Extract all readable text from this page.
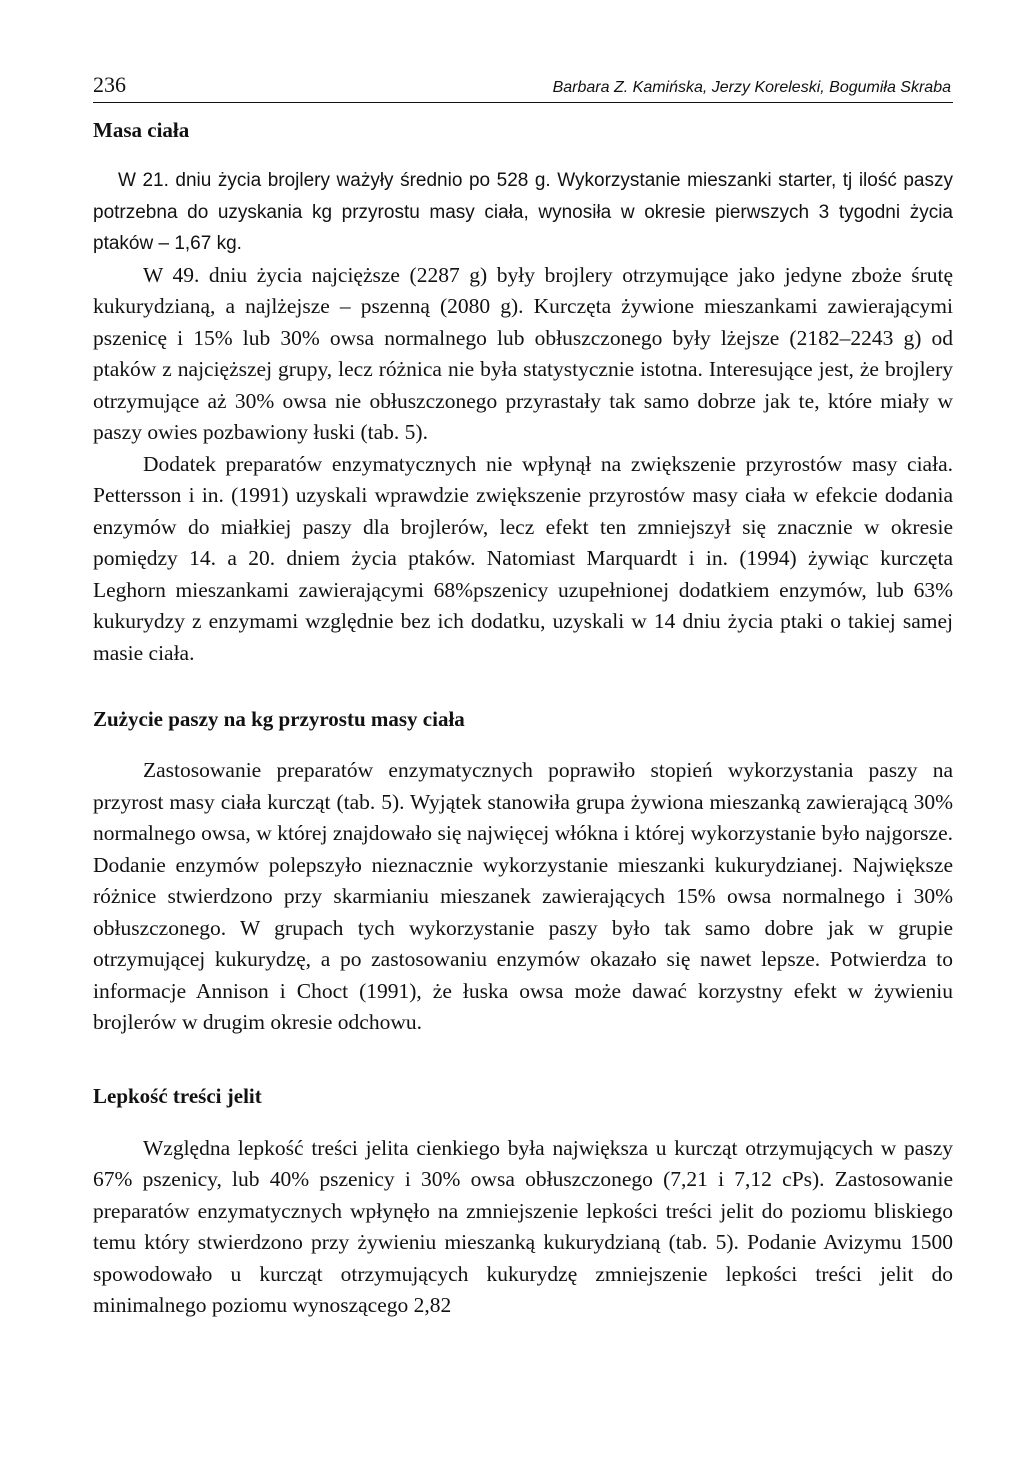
236	Barbara Z. Kamińska, Jerzy Koreleski, Bogumiła Skraba
Masa ciała

W 21. dniu życia brojlery ważyły średnio po 528 g. Wykorzystanie mieszanki starter, tj ilość paszy potrzebna do uzyskania kg przyrostu masy ciała, wynosiła w okresie pierwszych 3 tygodni życia ptaków – 1,67 kg.

W 49. dniu życia najcięższe (2287 g) były brojlery otrzymujące jako jedyne zboże śrutę kukurydzianą, a najlżejsze – pszenną (2080 g). Kurczęta żywione mieszankami zawierającymi pszenicę i 15% lub 30% owsa normalnego lub obłuszczonego były lżejsze (2182–2243 g) od ptaków z najcięższej grupy, lecz różnica nie była statystycznie istotna. Interesujące jest, że brojlery otrzymujące aż 30% owsa nie obłuszczonego przyrastały tak samo dobrze jak te, które miały w paszy owies pozbawiony łuski (tab. 5).

Dodatek preparatów enzymatycznych nie wpłynął na zwiększenie przyrostów masy ciała. Pettersson i in. (1991) uzyskali wprawdzie zwiększenie przyrostów masy ciała w efekcie dodania enzymów do miałkiej paszy dla brojlerów, lecz efekt ten zmniejszył się znacznie w okresie pomiędzy 14. a 20. dniem życia ptaków. Natomiast Marquardt i in. (1994) żywiąc kurczęta Leghorn mieszankami zawierającymi 68%pszenicy uzupełnionej dodatkiem enzymów, lub 63% kukurydzy z enzymami względnie bez ich dodatku, uzyskali w 14 dniu życia ptaki o takiej samej masie ciała.

Zużycie paszy na kg przyrostu masy ciała

Zastosowanie preparatów enzymatycznych poprawiło stopień wykorzystania paszy na przyrost masy ciała kurcząt (tab. 5). Wyjątek stanowiła grupa żywiona mieszanką zawierającą 30% normalnego owsa, w której znajdowało się najwięcej włókna i której wykorzystanie było najgorsze. Dodanie enzymów polepszyło nieznacznie wykorzystanie mieszanki kukurydzianej. Największe różnice stwierdzono przy skarmianiu mieszanek zawierających 15% owsa normalnego i 30% obłuszczonego. W grupach tych wykorzystanie paszy było tak samo dobre jak w grupie otrzymującej kukurydzę, a po zastosowaniu enzymów okazało się nawet lepsze. Potwierdza to informacje Annison i Choct (1991), że łuska owsa może dawać korzystny efekt w żywieniu brojlerów w drugim okresie odchowu.

Lepkość treści jelit

Względna lepkość treści jelita cienkiego była największa u kurcząt otrzymujących w paszy 67% pszenicy, lub 40% pszenicy i 30% owsa obłuszczonego (7,21 i 7,12 cPs). Zastosowanie preparatów enzymatycznych wpłynęło na zmniejszenie lepkości treści jelit do poziomu bliskiego temu który stwierdzono przy żywieniu mieszanką kukurydzianą (tab. 5). Podanie Avizymu 1500 spowodowało u kurcząt otrzymujących kukurydzę zmniejszenie lepkości treści jelit do minimalnego poziomu wynoszącego 2,82
